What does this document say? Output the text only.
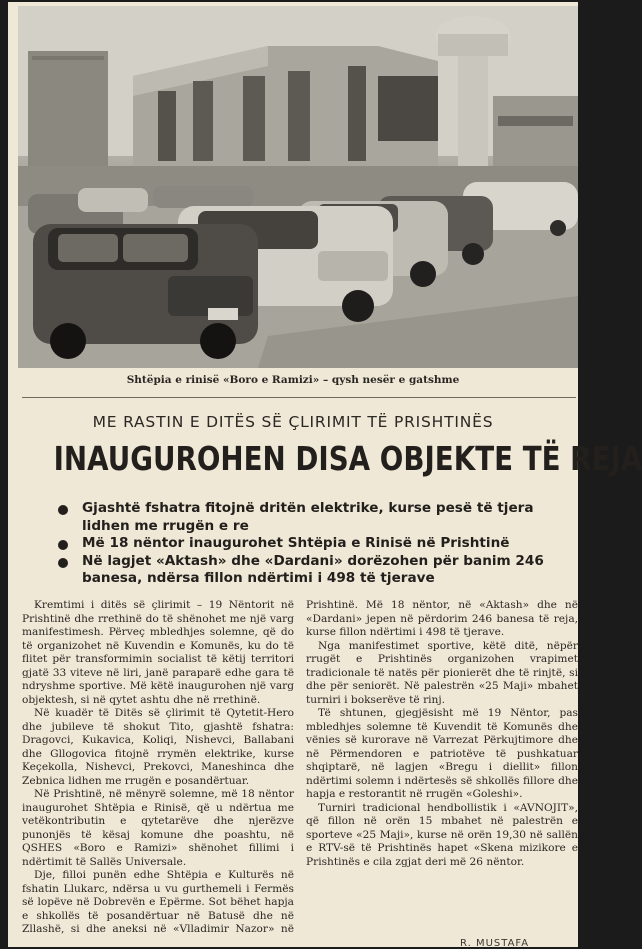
Shtëpia e rinisë «Boro e Ramizi» – qysh nesër e gatshme
ME RASTIN E DITËS SË ÇLIRIMIT TË PRISHTINËS
INAUGUROHEN DISA OBJEKTE TË REJA
Gjashtë fshatra fitojnë dritën elektrike, kurse pesë të tjera lidhen me rrugën e re
Më 18 nëntor inaugurohet Shtëpia e Rinisë në Prishtinë
Në lagjet «Aktash» dhe «Dardani» dorëzohen për banim 246 banesa, ndërsa fillon ndërtimi i 498 të tjerave

Kremtimi i ditës së çlirimit – 19 Nëntorit në Prishtinë dhe rrethinë do të shënohet me një varg manifestimesh. Përveç mbledhjes solemne, që do të organizohet në Kuvendin e Komunës, ku do të flitet për transformimin socialist të këtij territori gjatë 33 viteve në liri, janë paraparë edhe gara të ndryshme sportive. Më këtë inaugurohen një varg objektesh, si në qytet ashtu dhe në rrethinë.

Në kuadër të Ditës së çlirimit të Qytetit-Hero dhe jubileve të shokut Tito, gjashtë fshatra: Dragovci, Kukavica, Koliqi, Nishevci, Ballabani dhe Gllogovica fitojnë rrymën elektrike, kurse Keçekolla, Nishevci, Prekovci, Maneshinca dhe Zebnica lidhen me rrugën e posandërtuar.

Në Prishtinë, në mënyrë solemne, më 18 nëntor inaugurohet Shtëpia e Rinisë, që u ndërtua me vetëkontributin e qytetarëve dhe njerëzve punonjës të kësaj komune dhe poashtu, në QSHES «Boro e Ramizi» shënohet fillimi i ndërtimit të Sallës Universale.

Dje, filloi punën edhe Shtëpia e Kulturës në fshatin Llukarc, ndërsa u vu gurthemeli i Fermës së lopëve në Dobrevën e Epërme. Sot bëhet hapja e shkollës të posandërtuar në Batusë dhe në Zllashë, si dhe aneksi në «Vlladimir Nazor» në Prishtinë. Më 18 nëntor, në «Aktash» dhe në «Dardani» jepen në përdorim 246 banesa të reja, kurse fillon ndërtimi i 498 të tjerave.

Nga manifestimet sportive, këtë ditë, nëpër rrugët e Prishtinës organizohen vrapimet tradicionale të natës për pionierët dhe të rinjtë, si dhe për seniorët. Në palestrën «25 Maji» mbahet turniri i bokserëve të rinj.

Të shtunen, gjegjësisht më 19 Nëntor, pas mbledhjes solemne të Kuvendit të Komunës dhe vënies së kurorave në Varrezat Përkujtimore dhe në Përmendoren e patriotëve të pushkatuar shqiptarë, në lagjen «Bregu i diellit» fillon ndërtimi solemn i ndërtesës së shkollës fillore dhe hapja e restorantit në rrugën «Goleshi».

Turniri tradicional hendbollistik i «AVNOJIT», që fillon në orën 15 mbahet në palestrën e sporteve «25 Maji», kurse në orën 19,30 në sallën e RTV-së të Prishtinës hapet «Skena mizikore e Prishtinës e cila zgjat deri më 26 nëntor.

R. MUSTAFA
